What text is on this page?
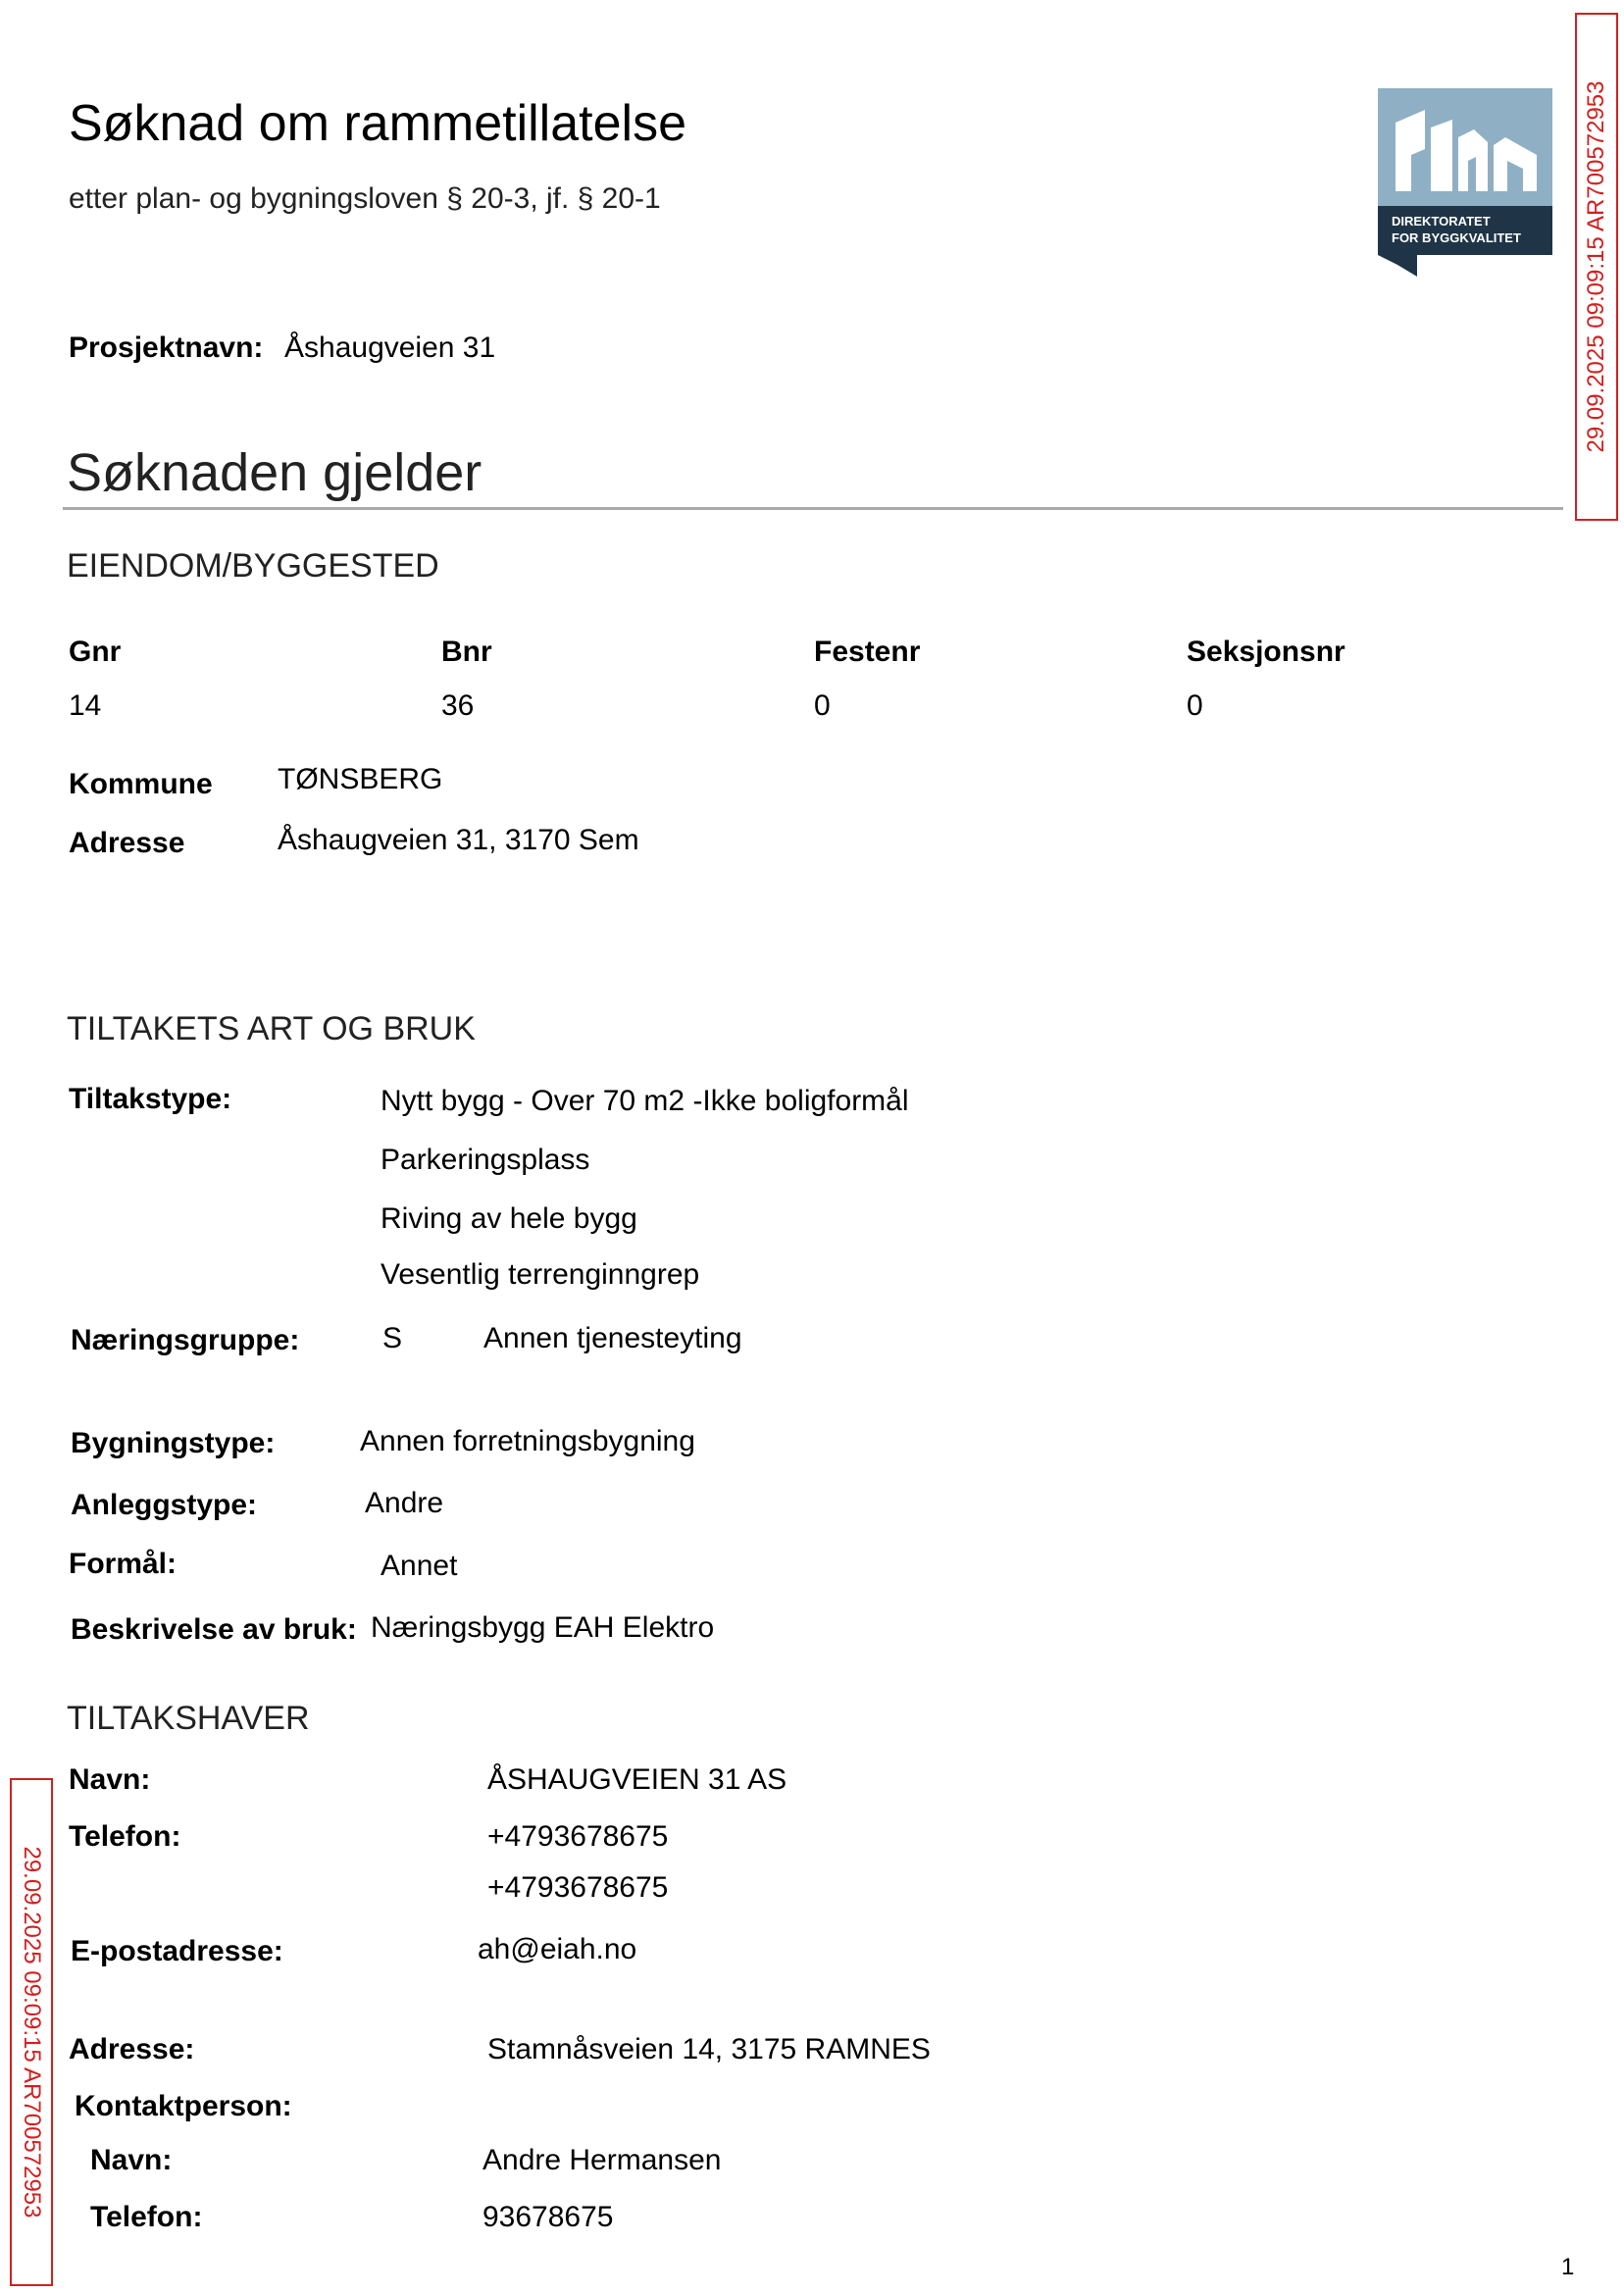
Søknad om rammetillatelse
etter plan- og bygningsloven § 20-3, jf. § 20-1
DIREKTORATET
FOR BYGGKVALITET
Prosjektnavn: Åshaugveien 31
Søknaden gjelder
EIENDOM/BYGGESTED
Gnr	Bnr	Festenr	Seksjonsnr
14	36	0	0
Kommune TØNSBERG
Adresse	Åshaugveien 31, 3170 Sem
TILTAKETS ART OG BRUK
Tiltakstype:	Nytt bygg - Over 70 m2 -Ikke boligformål
Parkeringsplass
Riving av hele bygg
Vesentlig terrenginngrep
Næringsgruppe:	S	Annen tjenesteyting
Bygningstype:	Annen forretningsbygning
Anleggstype:	Andre
Formål:	Annet
Beskrivelse av bruk: Næringsbygg EAH Elektro
TILTAKSHAVER
Navn:	ÅSHAUGVEIEN 31 AS
Telefon:	+4793678675
+4793678675
E-postadresse:	ah@eiah.no
Adresse:	Stamnåsveien 14, 3175 RAMNES
Kontaktperson:
Navn:	Andre Hermansen
Telefon:	93678675
29.09.2025 09:09:15 AR700572953
29.09.2025 09:09:15 AR700572953
1
